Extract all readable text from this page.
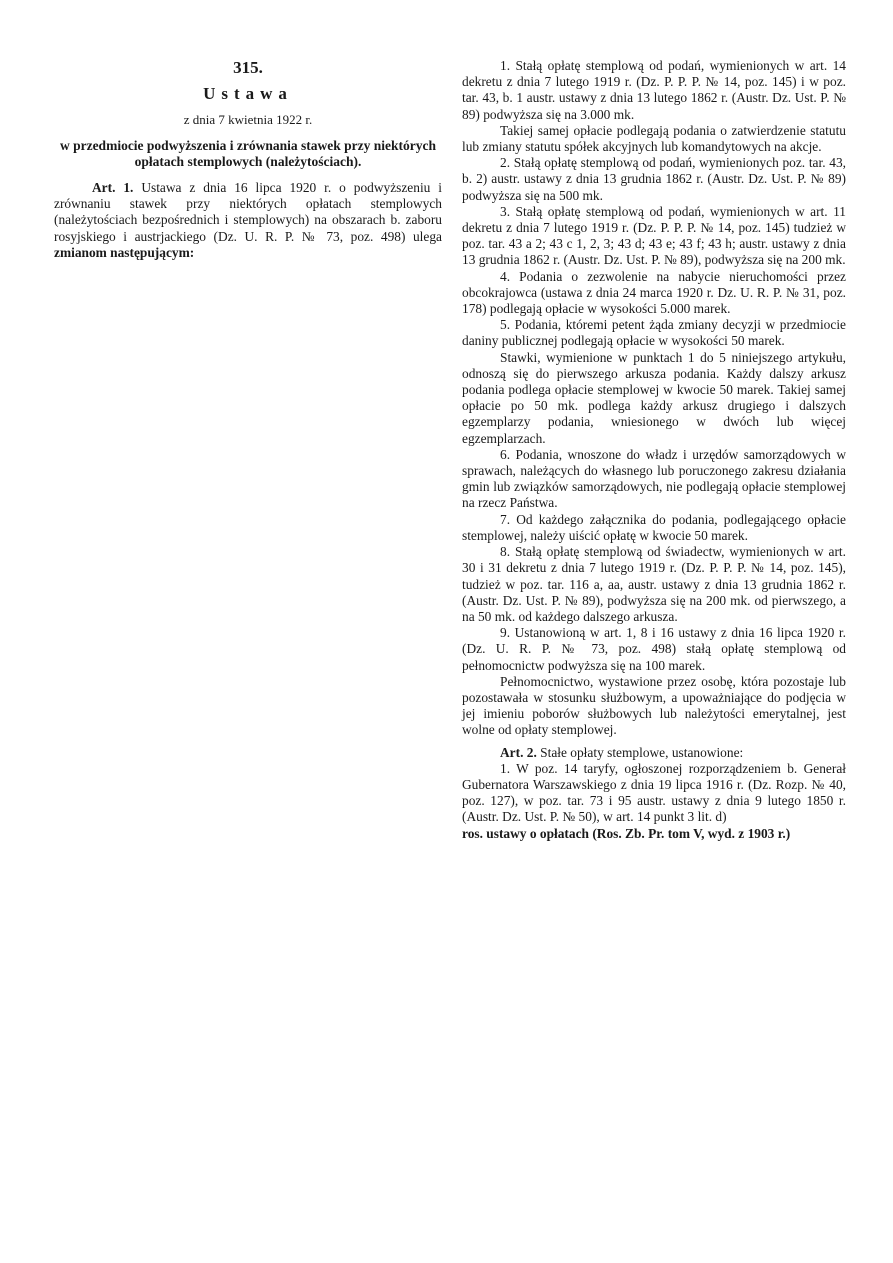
315.
Ustawa
z dnia 7 kwietnia 1922 r.
w przedmiocie podwyższenia i zrównania stawek przy niektórych opłatach stemplowych (należytościach).

Art. 1. Ustawa z dnia 16 lipca 1920 r. o podwyższeniu i zrównaniu stawek przy niektórych opłatach stemplowych (należytościach bezpośrednich i stemplowych) na obszarach b. zaboru rosyjskiego i austrjackiego (Dz. U. R. P. № 73, poz. 498) ulega zmianom następującym:

1. Stałą opłatę stemplową od podań, wymienionych w art. 14 dekretu z dnia 7 lutego 1919 r. (Dz. P. P. P. № 14, poz. 145) i w poz. tar. 43, b. 1 austr. ustawy z dnia 13 lutego 1862 r. (Austr. Dz. Ust. P. № 89) podwyższa się na 3.000 mk.

Takiej samej opłacie podlegają podania o zatwierdzenie statutu lub zmiany statutu spółek akcyjnych lub komandytowych na akcje.

2. Stałą opłatę stemplową od podań, wymienionych poz. tar. 43, b. 2) austr. ustawy z dnia 13 grudnia 1862 r. (Austr. Dz. Ust. P. № 89) podwyższa się na 500 mk.

3. Stałą opłatę stemplową od podań, wymienionych w art. 11 dekretu z dnia 7 lutego 1919 r. (Dz. P. P. P. № 14, poz. 145) tudzież w poz. tar. 43 a 2; 43 c 1, 2, 3; 43 d; 43 e; 43 f; 43 h; austr. ustawy z dnia 13 grudnia 1862 r. (Austr. Dz. Ust. P. № 89), podwyższa się na 200 mk.

4. Podania o zezwolenie na nabycie nieruchomości przez obcokrajowca (ustawa z dnia 24 marca 1920 r. Dz. U. R. P. № 31, poz. 178) podlegają opłacie w wysokości 5.000 marek.

5. Podania, któremi petent żąda zmiany decyzji w przedmiocie daniny publicznej podlegają opłacie w wysokości 50 marek.

Stawki, wymienione w punktach 1 do 5 niniejszego artykułu, odnoszą się do pierwszego arkusza podania. Każdy dalszy arkusz podania podlega opłacie stemplowej w kwocie 50 marek. Takiej samej opłacie po 50 mk. podlega każdy arkusz drugiego i dalszych egzemplarzy podania, wniesionego w dwóch lub więcej egzemplarzach.

6. Podania, wnoszone do władz i urzędów samorządowych w sprawach, należących do własnego lub poruczonego zakresu działania gmin lub związków samorządowych, nie podlegają opłacie stemplowej na rzecz Państwa.

7. Od każdego załącznika do podania, podlegającego opłacie stemplowej, należy uiścić opłatę w kwocie 50 marek.

8. Stałą opłatę stemplową od świadectw, wymienionych w art. 30 i 31 dekretu z dnia 7 lutego 1919 r. (Dz. P. P. P. № 14, poz. 145), tudzież w poz. tar. 116 a, aa, austr. ustawy z dnia 13 grudnia 1862 r. (Austr. Dz. Ust. P. № 89), podwyższa się na 200 mk. od pierwszego, a na 50 mk. od każdego dalszego arkusza.

9. Ustanowioną w art. 1, 8 i 16 ustawy z dnia 16 lipca 1920 r. (Dz. U. R. P. № 73, poz. 498) stałą opłatę stemplową od pełnomocnictw podwyższa się na 100 marek.

Pełnomocnictwo, wystawione przez osobę, która pozostaje lub pozostawała w stosunku służbowym, a upoważniające do podjęcia w jej imieniu poborów służbowych lub należytości emerytalnej, jest wolne od opłaty stemplowej.

Art. 2. Stałe opłaty stemplowe, ustanowione:

1. W poz. 14 taryfy, ogłoszonej rozporządzeniem b. Generał Gubernatora Warszawskiego z dnia 19 lipca 1916 r. (Dz. Rozp. № 40, poz. 127), w poz. tar. 73 i 95 austr. ustawy z dnia 9 lutego 1850 r. (Austr. Dz. Ust. P. № 50), w art. 14 punkt 3 lit. d)

ros. ustawy o opłatach (Ros. Zb. Pr. tom V, wyd. z 1903 r.)
